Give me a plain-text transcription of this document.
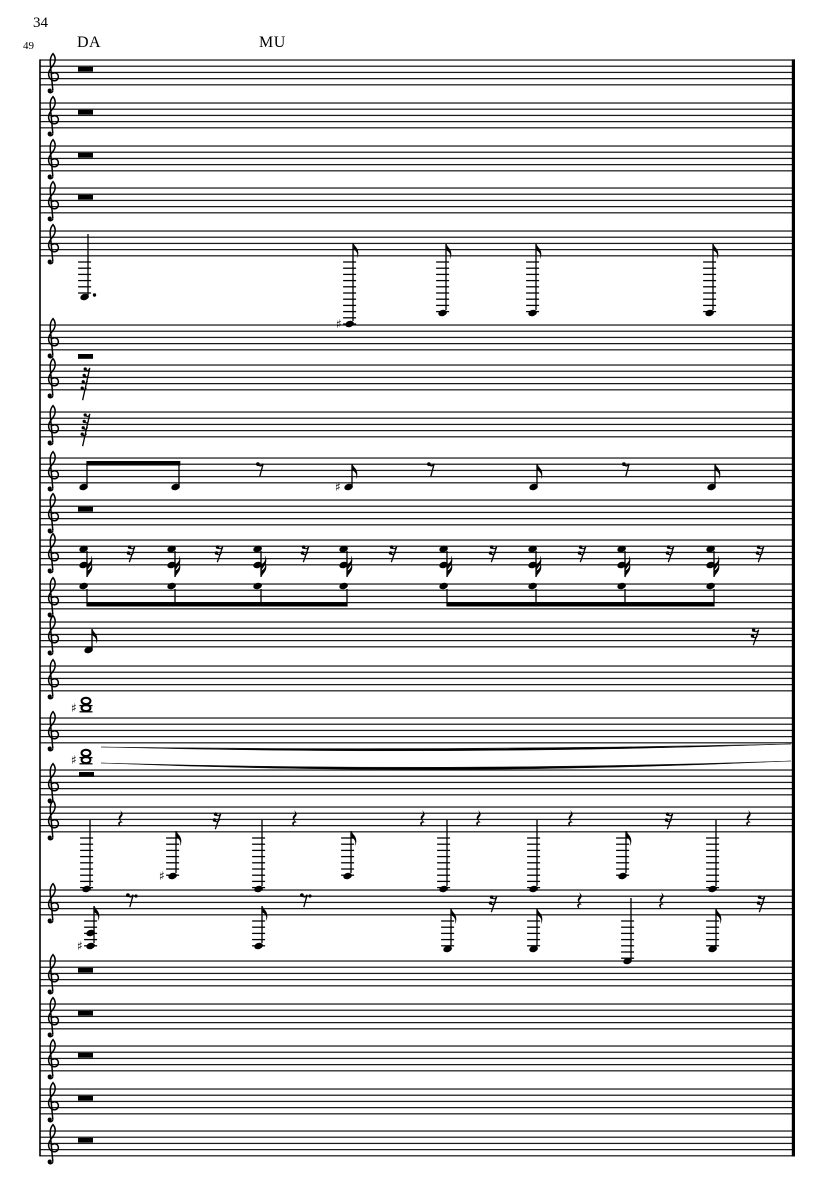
34
49	DA	MU
♯
♯
♯
♯
♯
♯
